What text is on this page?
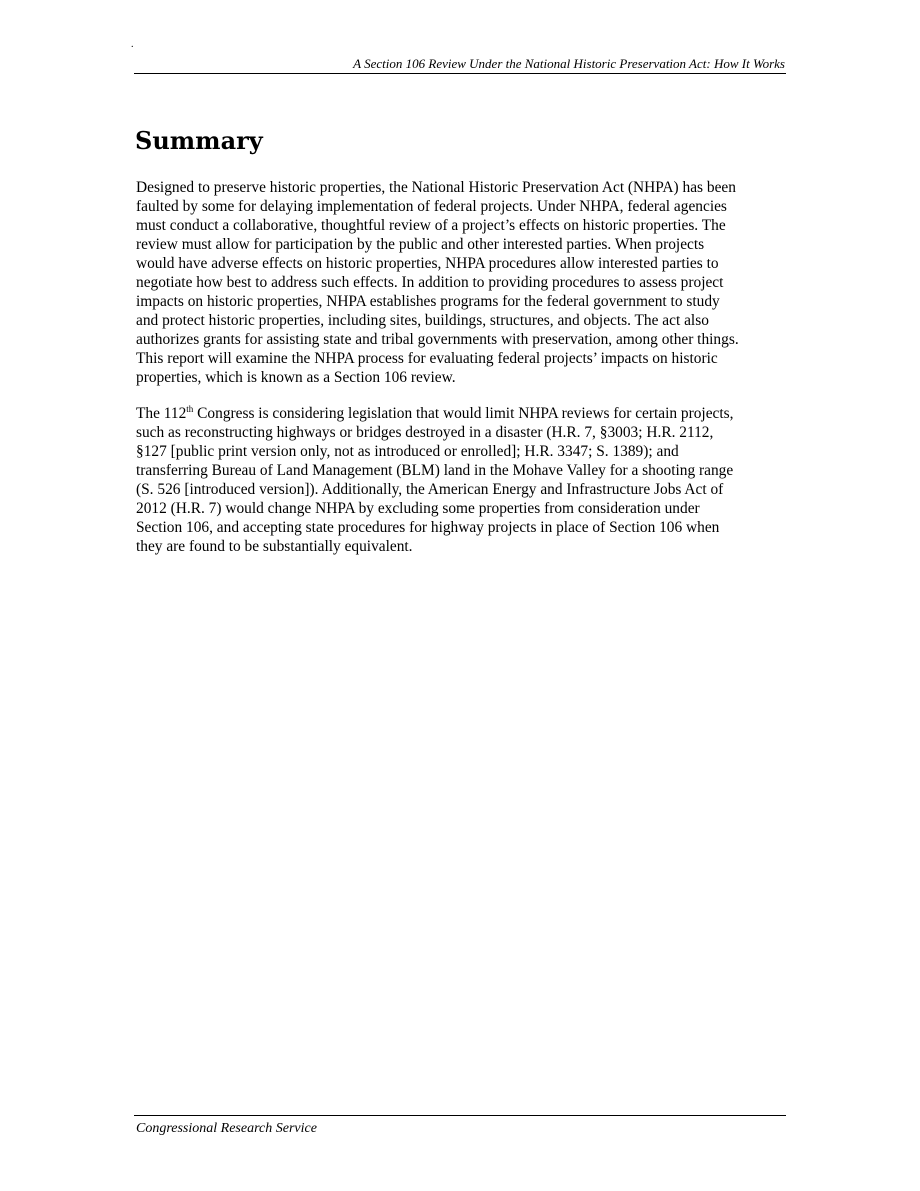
.
A Section 106 Review Under the National Historic Preservation Act: How It Works
Summary

Designed to preserve historic properties, the National Historic Preservation Act (NHPA) has been
faulted by some for delaying implementation of federal projects. Under NHPA, federal agencies
must conduct a collaborative, thoughtful review of a project’s effects on historic properties. The
review must allow for participation by the public and other interested parties. When projects
would have adverse effects on historic properties, NHPA procedures allow interested parties to
negotiate how best to address such effects. In addition to providing procedures to assess project
impacts on historic properties, NHPA establishes programs for the federal government to study
and protect historic properties, including sites, buildings, structures, and objects. The act also
authorizes grants for assisting state and tribal governments with preservation, among other things.
This report will examine the NHPA process for evaluating federal projects’ impacts on historic
properties, which is known as a Section 106 review.

The 112th Congress is considering legislation that would limit NHPA reviews for certain projects,
such as reconstructing highways or bridges destroyed in a disaster (H.R. 7, §3003; H.R. 2112,
§127 [public print version only, not as introduced or enrolled]; H.R. 3347; S. 1389); and
transferring Bureau of Land Management (BLM) land in the Mohave Valley for a shooting range
(S. 526 [introduced version]). Additionally, the American Energy and Infrastructure Jobs Act of
2012 (H.R. 7) would change NHPA by excluding some properties from consideration under
Section 106, and accepting state procedures for highway projects in place of Section 106 when
they are found to be substantially equivalent.

Congressional Research Service
